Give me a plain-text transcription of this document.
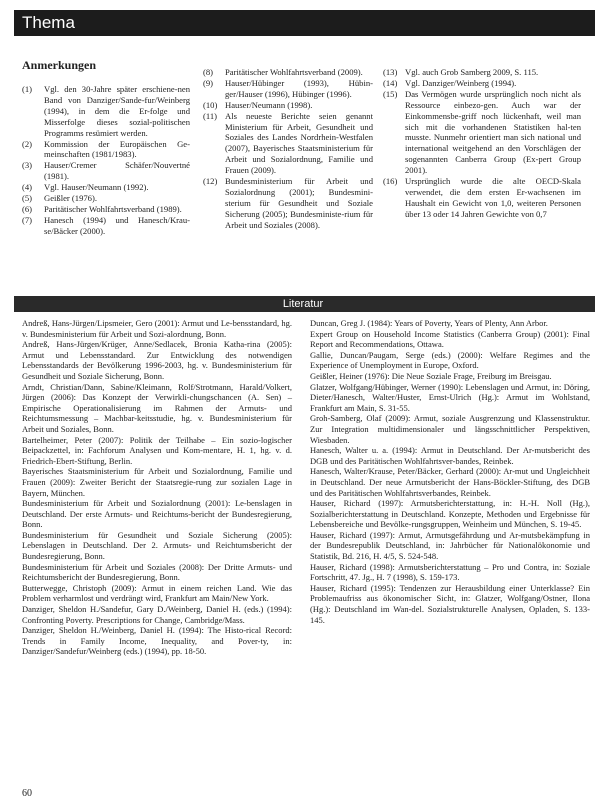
Thema
Anmerkungen
(1)	Vgl. den 30-Jahre später erschiene-nen Band von Danziger/Sande-fur/Weinberg (1994), in dem die Er-folge und Misserfolge dieses sozial-politischen Programms resümiert werden.
(2)	Kommission der Europäischen Ge-meinschaften (1981/1983).
(3)	Hauser/Cremer Schäfer/Nouvertné (1981).
(4)	Vgl. Hauser/Neumann (1992).
(5)	Geißler (1976).
(6)	Paritätischer Wohlfahrtsverband (1989).
(7)	Hanesch (1994) und Hanesch/Krau-se/Bäcker (2000).
(8)	Paritätischer Wohlfahrtsverband (2009).
(9)	Hauser/Hübinger (1993), Hübin-ger/Hauser (1996), Hübinger (1996).
(10) Hauser/Neumann (1998).
(11) Als neueste Berichte seien genannt Ministerium für Arbeit, Gesundheit und Soziales des Landes Nordrhein-Westfalen (2007), Bayerisches Staatsministerium für Arbeit und Sozialordnung, Familie und Frauen (2009).
(12) Bundesministerium für Arbeit und Sozialordnung (2001); Bundesmini-sterium für Gesundheit und Soziale Sicherung (2005); Bundesministe-rium für Arbeit und Soziales (2008).
(13) Vgl. auch Grob Samberg 2009, S. 115.
(14) Vgl. Danziger/Weinberg (1994).
(15) Das Vermögen wurde ursprünglich noch nicht als Ressource einbezo-gen. Auch war der Einkommensbe-griff noch lückenhaft, weil man sich mit die vorhandenen Statistiken hal-ten musste. Nunmehr orientiert man sich national und international weitgehend an den Vorschlägen der sogenannten Canberra Group (Ex-pert Group 2001).
(16) Ursprünglich wurde die alte OECD-Skala verwendet, die dem ersten Er-wachsenen im Haushalt ein Gewicht von 1,0, weiteren Personen über 13 oder 14 Jahren Gewichte von 0,7
Literatur
Andreß, Hans-Jürgen/Lipsmeier, Gero (2001): Armut und Le-bensstandard, hg. v. Bundesministerium für Arbeit und Sozi-alordnung, Bonn.
Andreß, Hans-Jürgen/Krüger, Anne/Sedlacek, Bronia Katha-rina (2005): Armut und Lebensstandard. Zur Entwicklung des notwendigen Lebensstandards der Bevölkerung 1996-2003, hg. v. Bundesministerium für Gesundheit und Soziale Sicherung, Bonn.
Arndt, Christian/Dann, Sabine/Kleimann, Rolf/Strotmann, Harald/Volkert, Jürgen (2006): Das Konzept der Verwirkli-chungschancen (A. Sen) – Empirische Operationalisierung im Rahmen der Armuts- und Reichtumsmessung – Machbar-keitsstudie, hg. v. Bundesministerium für Arbeit und Soziales, Bonn.
Bartelheimer, Peter (2007): Politik der Teilhabe – Ein sozio-logischer Beipackzettel, in: Fachforum Analysen und Kom-mentare, H. 1, hg. v. d. Friedrich-Ebert-Stiftung, Berlin.
Bayerisches Staatsministerium für Arbeit und Sozialordnung, Familie und Frauen (2009): Zweiter Bericht der Staatsregie-rung zur sozialen Lage in Bayern, München.
Bundesministerium für Arbeit und Sozialordnung (2001): Le-benslagen in Deutschland. Der erste Armuts- und Reichtums-bericht der Bundesregierung, Bonn.
Bundesministerium für Gesundheit und Soziale Sicherung (2005): Lebenslagen in Deutschland. Der 2. Armuts- und Reichtumsbericht der Bundesregierung, Bonn.
Bundesministerium für Arbeit und Soziales (2008): Der Dritte Armuts- und Reichtumsbericht der Bundesregierung, Bonn.
Butterwegge, Christoph (2009): Armut in einem reichen Land. Wie das Problem verharmlost und verdrängt wird, Frankfurt am Main/New York.
Danziger, Sheldon H./Sandefur, Gary D./Weinberg, Daniel H. (eds.) (1994): Confronting Poverty. Prescriptions for Change, Cambridge/Mass.
Danziger, Sheldon H./Weinberg, Daniel H. (1994): The Histo-rical Record: Trends in Family Income, Inequality, and Pover-ty, in: Danziger/Sandefur/Weinberg (eds.) (1994), pp. 18-50.
Duncan, Greg J. (1984): Years of Poverty, Years of Plenty, Ann Arbor.
Expert Group on Household Income Statistics (Canberra Group) (2001): Final Report and Recommendations, Ottawa.
Gallie, Duncan/Paugam, Serge (eds.) (2000): Welfare Regimes and the Experience of Unemployment in Europe, Oxford.
Geißler, Heiner (1976): Die Neue Soziale Frage, Freiburg im Breisgau.
Glatzer, Wolfgang/Hübinger, Werner (1990): Lebenslagen und Armut, in: Döring, Dieter/Hanesch, Walter/Huster, Ernst-Ulrich (Hg.): Armut im Wohlstand, Frankfurt am Main, S. 31-55.
Groh-Samberg, Olaf (2009): Armut, soziale Ausgrenzung und Klassenstruktur. Zur Integration multidimensionaler und längsschnittlicher Perspektiven, Wiesbaden.
Hanesch, Walter u. a. (1994): Armut in Deutschland. Der Ar-mutsbericht des DGB und des Paritätischen Wohlfahrtsver-bandes, Reinbek.
Hanesch, Walter/Krause, Peter/Bäcker, Gerhard (2000): Ar-mut und Ungleichheit in Deutschland. Der neue Armutsbericht der Hans-Böckler-Stiftung, des DGB und des Paritätischen Wohlfahrtsverbandes, Reinbek.
Hauser, Richard (1997): Armutsberichterstattung, in: H.-H. Noll (Hg.), Sozialberichterstattung in Deutschland. Konzepte, Methoden und Ergebnisse für Lebensbereiche und Bevölke-rungsgruppen, Weinheim und München, S. 19-45.
Hauser, Richard (1997): Armut, Armutsgefährdung und Ar-mutsbekämpfung in der Bundesrepublik Deutschland, in: Jahrbücher für Nationalökonomie und Statistik, Bd. 216, H. 4/5, S. 524-548.
Hauser, Richard (1998): Armutsberichterstattung – Pro und Contra, in: Soziale Fortschritt, 47. Jg., H. 7 (1998), S. 159-173.
Hauser, Richard (1995): Tendenzen zur Herausbildung einer Unterklasse? Ein Problemaufriss aus ökonomischer Sicht, in: Glatzer, Wolfgang/Ostner, Ilona (Hg.): Deutschland im Wan-del. Sozialstrukturelle Analysen, Opladen, S. 133-145.
60
